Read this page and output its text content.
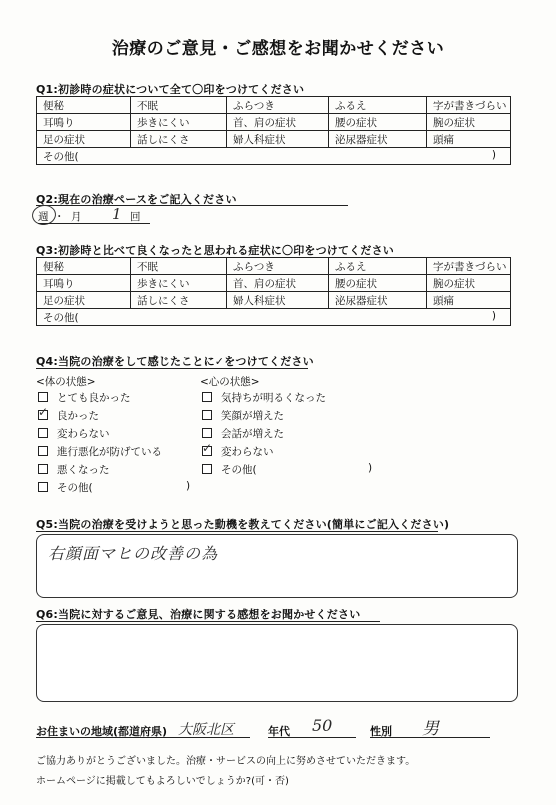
治療のご意見・ご感想をお聞かせください
Q1:初診時の症状について全て〇印をつけてください
便秘	不眠	ふらつき	ふるえ	字が書きづらい
耳鳴り	歩きにくい	首、肩の症状	腰の症状	腕の症状
足の症状	話しにくさ	婦人科症状	泌尿器症状	頭痛
その他( )				
Q2:現在の治療ペースをご記入ください
週 ・ 月 1 回
Q3:初診時と比べて良くなったと思われる症状に〇印をつけてください
便秘	不眠	ふらつき	ふるえ	字が書きづらい
耳鳴り	歩きにくい	首、肩の症状	腰の症状	腕の症状
足の症状	話しにくさ	婦人科症状	泌尿器症状	頭痛
その他( )				
Q4:当院の治療をして感じたことに✓をつけてください
<体の状態>	<心の状態>
とても良かった
✓ 良かった
変わらない
進行悪化が防げている
悪くなった
その他(
気持ちが明るくなった
笑顔が増えた
会話が増えた
✓ 変わらない
その他(
)
)
Q5:当院の治療を受けようと思った動機を教えてください(簡単にご記入ください)
右顔面マヒの改善の為
Q6:当院に対するご意見、治療に関する感想をお聞かせください
お住まいの地域(都道府県) 大阪北区	年代 50	性別 男
ご協力ありがとうございました。治療・サービスの向上に努めさせていただきます。
ホームページに掲載してもよろしいでしょうか?(可・否)
